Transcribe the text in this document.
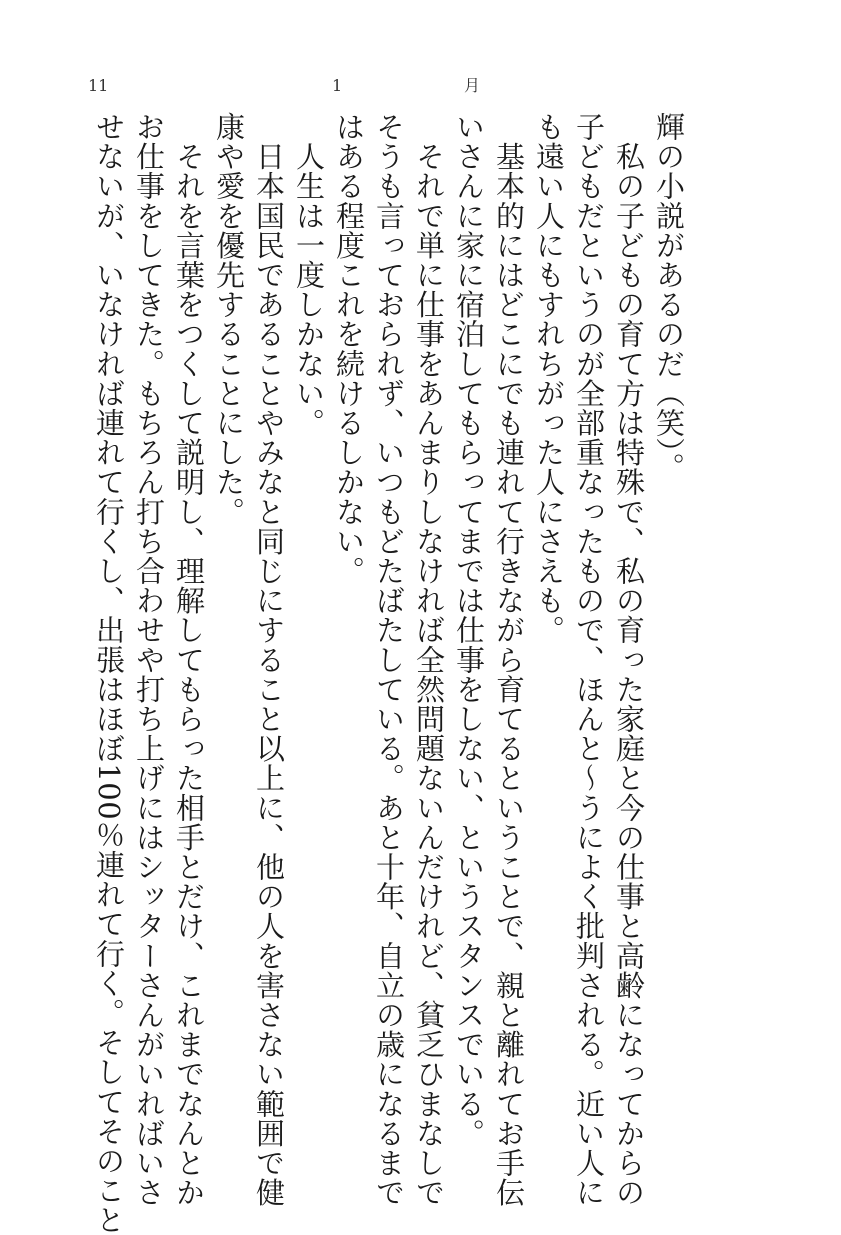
11	1	月
輝の小説があるのだ（笑）。
　私の子どもの育て方は特殊で、私の育った家庭と今の仕事と高齢になってからの
子どもだというのが全部重なったもので、ほんと〜うによく批判される。近い人に
も遠い人にもすれちがった人にさえも。
　基本的にはどこにでも連れて行きながら育てるということで、親と離れてお手伝
いさんに家に宿泊してもらってまでは仕事をしない、というスタンスでいる。
　それで単に仕事をあんまりしなければ全然問題ないんだけれど、貧乏ひまなしで
そうも言っておられず、いつもどたばたしている。あと十年、自立の歳になるまで
はある程度これを続けるしかない。
　人生は一度しかない。
　日本国民であることやみなと同じにすること以上に、他の人を害さない範囲で健
康や愛を優先することにした。
　それを言葉をつくして説明し、理解してもらった相手とだけ、これまでなんとか
お仕事をしてきた。もちろん打ち合わせや打ち上げにはシッターさんがいればいさ
せないが、いなければ連れて行くし、出張はほぼ100％連れて行く。そしてそのこと
